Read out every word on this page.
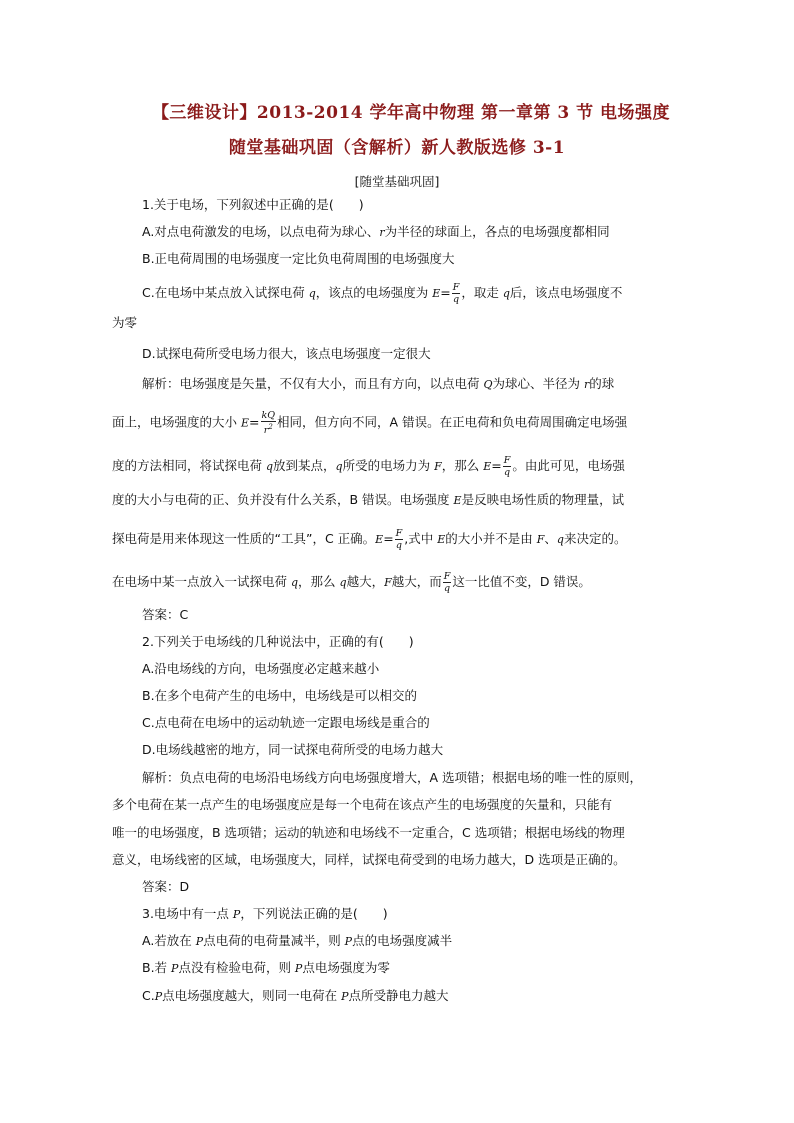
【三维设计】2013-2014 学年高中物理 第一章第 3 节 电场强度
随堂基础巩固（含解析）新人教版选修 3-1
[随堂基础巩固]
1.关于电场，下列叙述中正确的是(　　)
A.对点电荷激发的电场，以点电荷为球心、r为半径的球面上，各点的电场强度都相同
B.正电荷周围的电场强度一定比负电荷周围的电场强度大
C.在电场中某点放入试探电荷 q，该点的电场强度为 $E= \frac{F}{q}$ ，取走 q后，该点电场强度不
为零
D.试探电荷所受电场力很大，该点电场强度一定很大
解析：电场强度是矢量，不仅有大小，而且有方向，以点电荷 Q为球心、半径为 r的球
面上，电场强度的大小 $E= \frac{kQ}{r^2}$ 相同，但方向不同，A 错误。在正电荷和负电荷周围确定电场强
度的方法相同，将试探电荷 q放到某点，q所受的电场力为 F，那么 $E= \frac{F}{q}$ 。由此可见，电场强
度的大小与电荷的正、负并没有什么关系，B 错误。电场强度 E是反映电场性质的物理量，试
探电荷是用来体现这一性质的“工具”，C 正确。$E= \frac{F}{q}$ ,式中 E的大小并不是由 F、q来决定的。
在电场中某一点放入一试探电荷 q，那么 q越大，F越大，而 $\frac{F}{q}$ 这一比值不变，D 错误。
答案：C
2.下列关于电场线的几种说法中，正确的有(　　)
A.沿电场线的方向，电场强度必定越来越小
B.在多个电荷产生的电场中，电场线是可以相交的
C.点电荷在电场中的运动轨迹一定跟电场线是重合的
D.电场线越密的地方，同一试探电荷所受的电场力越大
解析：负点电荷的电场沿电场线方向电场强度增大，A 选项错；根据电场的唯一性的原则，
多个电荷在某一点产生的电场强度应是每一个电荷在该点产生的电场强度的矢量和，只能有
唯一的电场强度，B 选项错；运动的轨迹和电场线不一定重合，C 选项错；根据电场线的物理
意义，电场线密的区域，电场强度大，同样，试探电荷受到的电场力越大，D 选项是正确的。
答案：D
3.电场中有一点 P，下列说法正确的是(　　)
A.若放在 P点电荷的电荷量减半，则 P点的电场强度减半
B.若 P点没有检验电荷，则 P点电场强度为零
C.P点电场强度越大，则同一电荷在 P点所受静电力越大
